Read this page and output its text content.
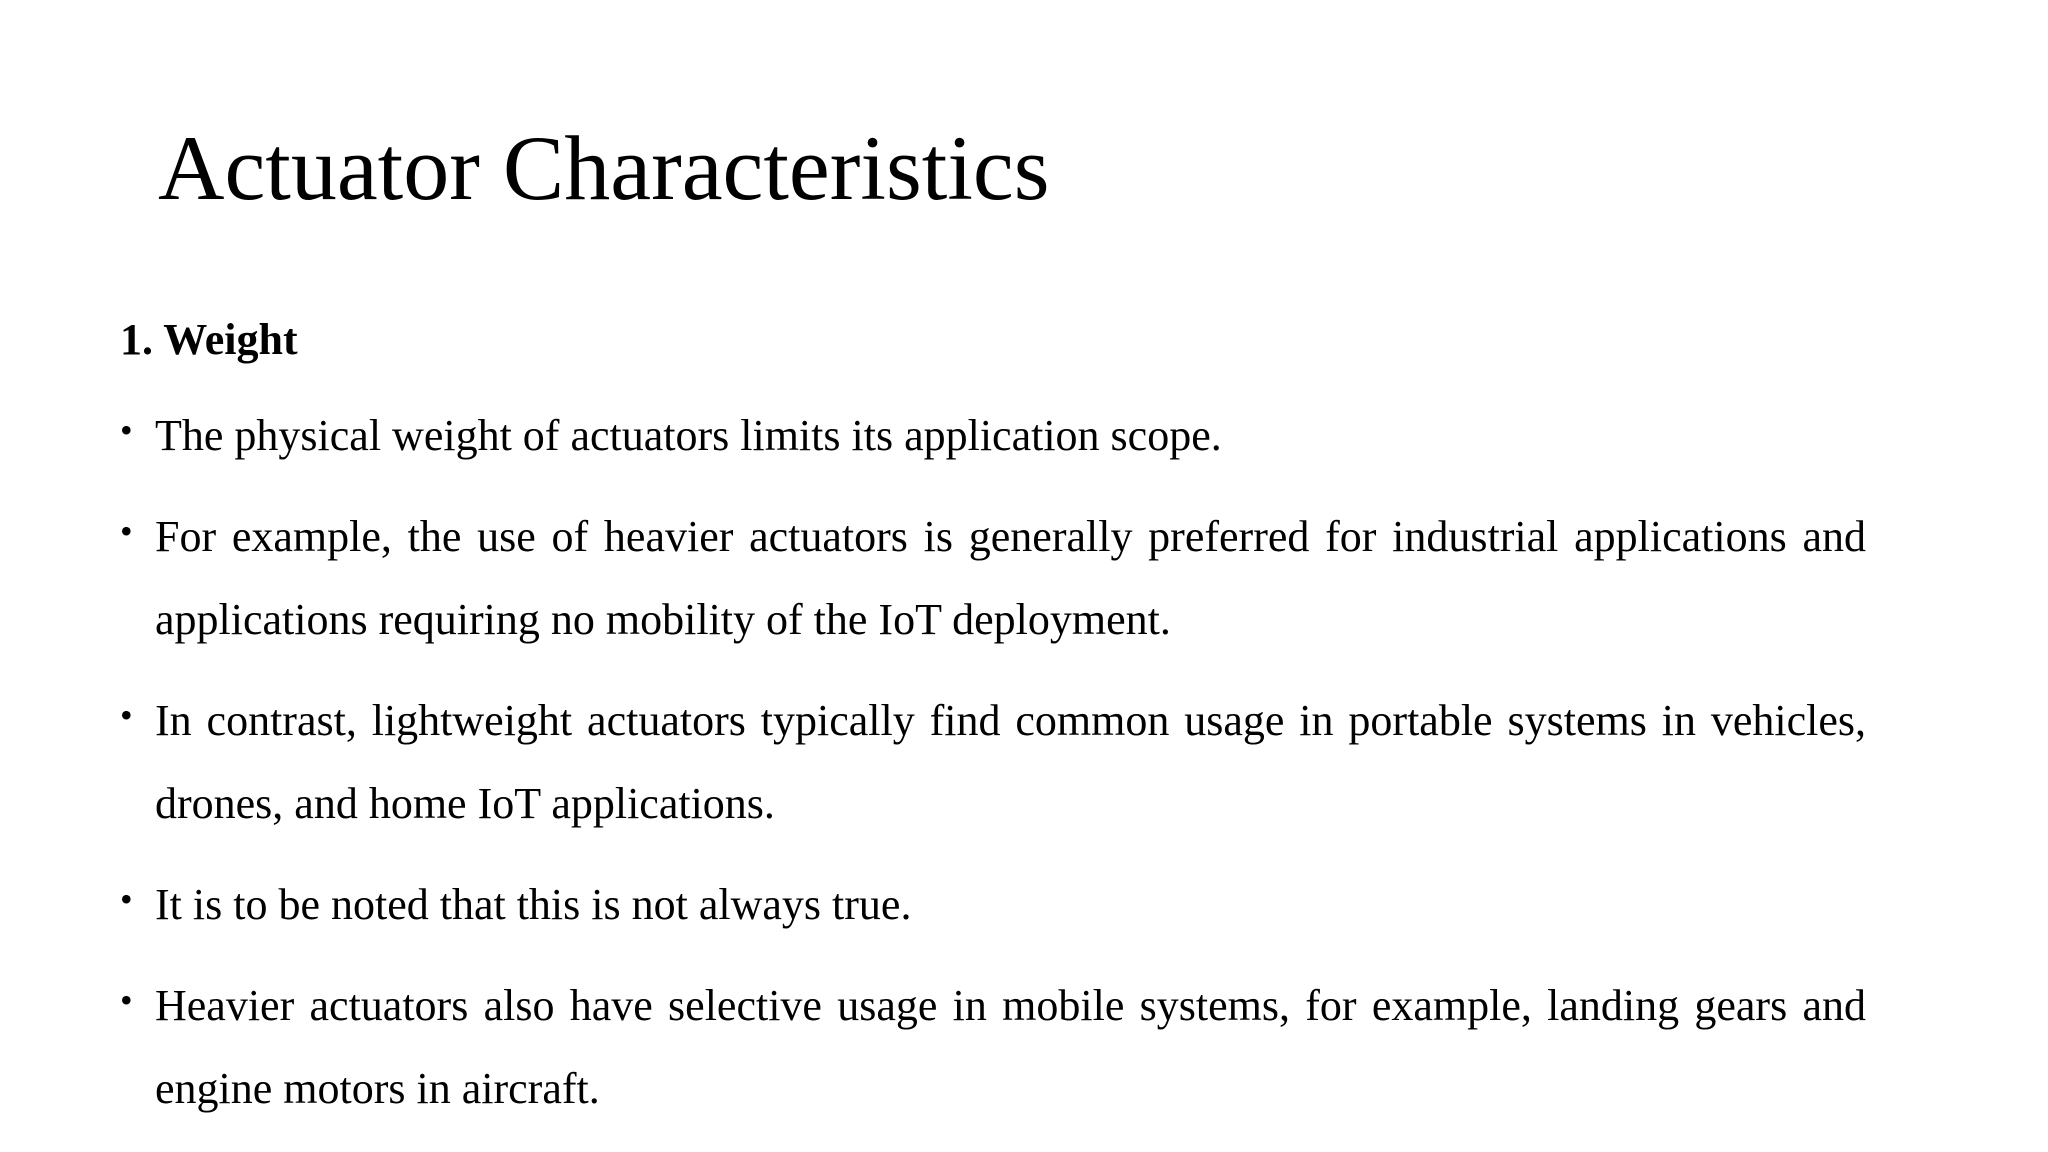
Actuator Characteristics
1. Weight
• The physical weight of actuators limits its application scope.
• For example, the use of heavier actuators is generally preferred for industrial applications and applications requiring no mobility of the IoT deployment.
• In contrast, lightweight actuators typically find common usage in portable systems in vehicles, drones, and home IoT applications.
• It is to be noted that this is not always true.
• Heavier actuators also have selective usage in mobile systems, for example, landing gears and engine motors in aircraft.
